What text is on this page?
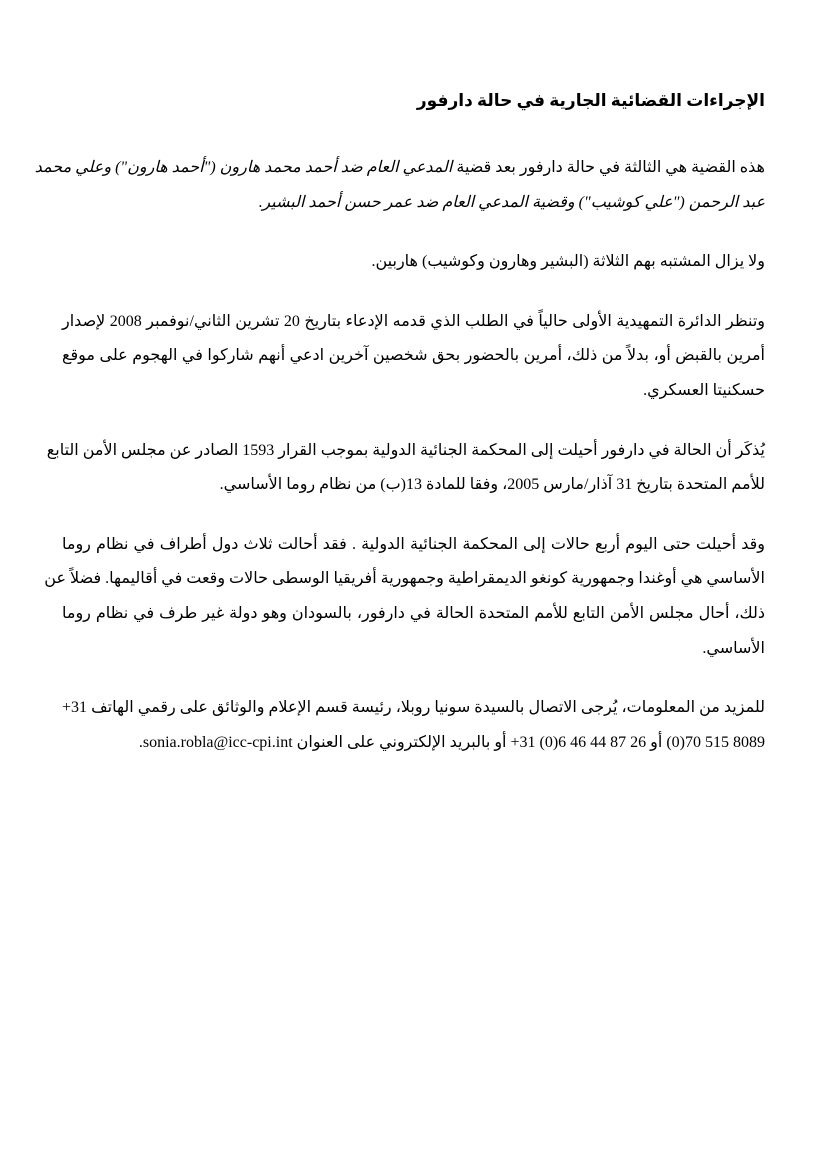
الإجراءات القضائية الجارية في حالة دارفور
هذه القضية هي الثالثة في حالة دارفور بعد قضية المدعي العام ضد أحمد محمد هارون ("أحمد هارون") وعلي محمد
عبد الرحمن ("علي كوشيب") وقضية المدعي العام ضد عمر حسن أحمد البشير.
ولا يزال المشتبه بهم الثلاثة (البشير وهارون وكوشيب) هاربين.
وتنظر الدائرة التمهيدية الأولى حالياً في الطلب الذي قدمه الإدعاء بتاريخ 20 تشرين الثاني/نوفمبر 2008 لإصدار
أمرين بالقبض أو، بدلاً من ذلك، أمرين بالحضور بحق شخصين آخرين ادعي أنهم شاركوا في الهجوم على موقع
حسكنيتا العسكري.
يُذكَر أن الحالة في دارفور أحيلت إلى المحكمة الجنائية الدولية بموجب القرار 1593 الصادر عن مجلس الأمن التابع
للأمم المتحدة بتاريخ 31 آذار/مارس 2005، وفقا للمادة 13(ب) من نظام روما الأساسي.
وقد أحيلت حتى اليوم أربع حالات إلى المحكمة الجنائية الدولية . فقد أحالت ثلاث دول أطراف في نظام روما
الأساسي هي أوغندا وجمهورية كونغو الديمقراطية وجمهورية أفريقيا الوسطى حالات وقعت في أقاليمها. فضلاً عن
ذلك، أحال مجلس الأمن التابع للأمم المتحدة الحالة في دارفور، بالسودان وهو دولة غير طرف في نظام روما
الأساسي.
للمزيد من المعلومات، يُرجى الاتصال بالسيدة سونيا روبلا، رئيسة قسم الإعلام والوثائق على رقمي الهاتف +31
(0)70 515 8089 أو +31 (0)6 46 44 87 26 أو بالبريد الإلكتروني على العنوان sonia.robla@icc-cpi.int.
